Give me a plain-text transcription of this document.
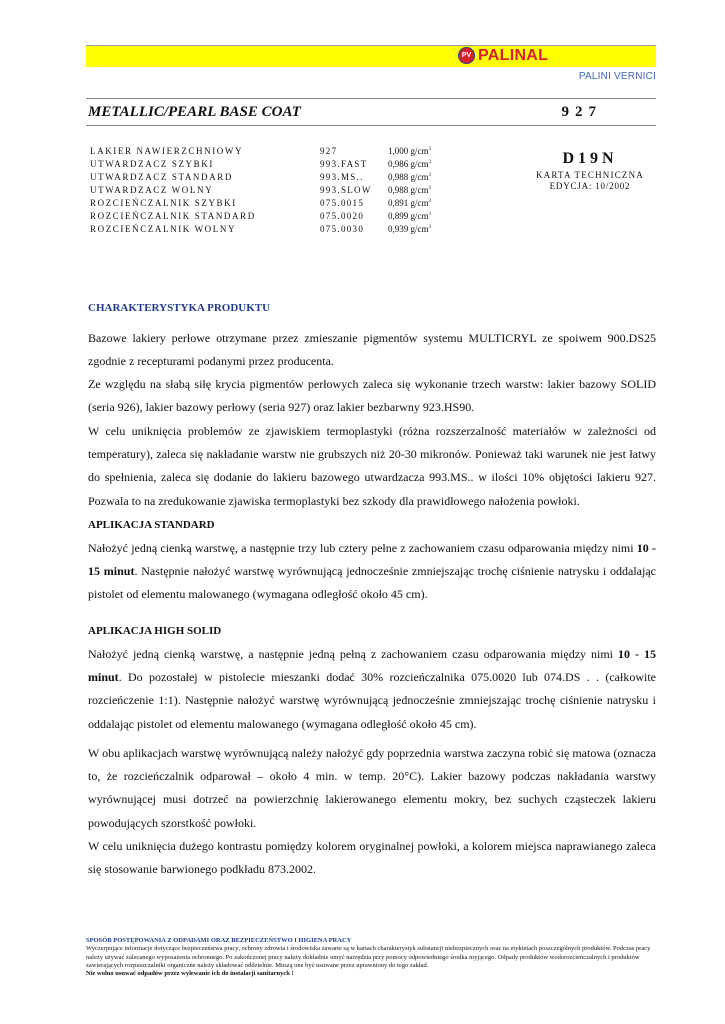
PV PALINAL
PALINI VERNICI
METALLIC/PEARL BASE COAT	927
LAKIER NAWIERZCHNIOWY	927	1,000 $g/cm^3$
UTWARDZACZ SZYBKI	993.FAST 0,986 $g/cm^3$
UTWARDZACZ STANDARD	993.MS..	0,988 $g/cm^3$
UTWARDZACZ WOLNY	993.SLOW 0,988 $g/cm^3$
ROZCIEŃCZALNIK SZYBKI	075.0015	0,891 $g/cm^3$
ROZCIEŃCZALNIK STANDARD	075.0020	0,899 $g/cm^3$
ROZCIEŃCZALNIK WOLNY	075.0030	0,939 $g/cm^3$
D19N
KARTA TECHNICZNA
EDYCJA: 10/2002
CHARAKTERYSTYKA PRODUKTU

Bazowe lakiery perłowe otrzymane przez zmieszanie pigmentów systemu MULTICRYL ze spoiwem 900.DS25 zgodnie z recepturami podanymi przez producenta.

Ze względu na słabą siłę krycia pigmentów perłowych zaleca się wykonanie trzech warstw: lakier bazowy SOLID (seria 926), lakier bazowy perłowy (seria 927) oraz lakier bezbarwny 923.HS90.

W celu uniknięcia problemów ze zjawiskiem termoplastyki (różna rozszerzalność materiałów w zależności od temperatury), zaleca się nakładanie warstw nie grubszych niż 20-30 mikronów. Ponieważ taki warunek nie jest łatwy do spełnienia, zaleca się dodanie do lakieru bazowego utwardzacza 993.MS.. w ilości 10% objętości lakieru 927. Pozwala to na zredukowanie zjawiska termoplastyki bez szkody dla prawidłowego nałożenia powłoki.

APLIKACJA STANDARD

Nałożyć jedną cienką warstwę, a następnie trzy lub cztery pełne z zachowaniem czasu odparowania między nimi 10 - 15 minut. Następnie nałożyć warstwę wyrównującą jednocześnie zmniejszając trochę ciśnienie natrysku i oddalając pistolet od elementu malowanego (wymagana odległość około 45 cm).

APLIKACJA HIGH SOLID

Nałożyć jedną cienką warstwę, a następnie jedną pełną z zachowaniem czasu odparowania między nimi 10 - 15 minut. Do pozostałej w pistolecie mieszanki dodać 30% rozcieńczalnika 075.0020 lub 074.DS . . (całkowite rozcieńczenie 1:1). Następnie nałożyć warstwę wyrównującą jednocześnie zmniejszając trochę ciśnienie natrysku i oddalając pistolet od elementu malowanego (wymagana odległość około 45 cm).

W obu aplikacjach warstwę wyrównującą należy nałożyć gdy poprzednia warstwa zaczyna robić się matowa (oznacza to, że rozcieńczalnik odparował – około 4 min. w temp. 20°C). Lakier bazowy podczas nakładania warstwy wyrównującej musi dotrzeć na powierzchnię lakierowanego elementu mokry, bez suchych cząsteczek lakieru powodujących szorstkość powłoki.

W celu uniknięcia dużego kontrastu pomiędzy kolorem oryginalnej powłoki, a kolorem miejsca naprawianego zaleca się stosowanie barwionego podkładu 873.2002.

SPOSÓB POSTĘPOWANIA Z ODPADAMI ORAZ BEZPIECZEŃSTWO I HIGIENA PRACY
Wyczerpujące informacje dotyczące bezpieczeństwa pracy, ochrony zdrowia i środowiska zawarte są w kartach charakterystyk substancji niebezpiecznych oraz na etykietach poszczególnych produktów. Podczas pracy należy używać zalecanego wyposażenia ochronnego. Po zakończonej pracy należy dokładnie umyć narzędzia przy pomocy odpowiedniego środka myjącego. Odpady produktów wodorozcieńczalnych i produktów zawierających rozpuszczalniki organiczne należy składować oddzielnie. Muszą one być usuwane przez uprawniony do tego zakład.
Nie wolno usuwać odpadów przez wylewanie ich do instalacji sanitarnych !
